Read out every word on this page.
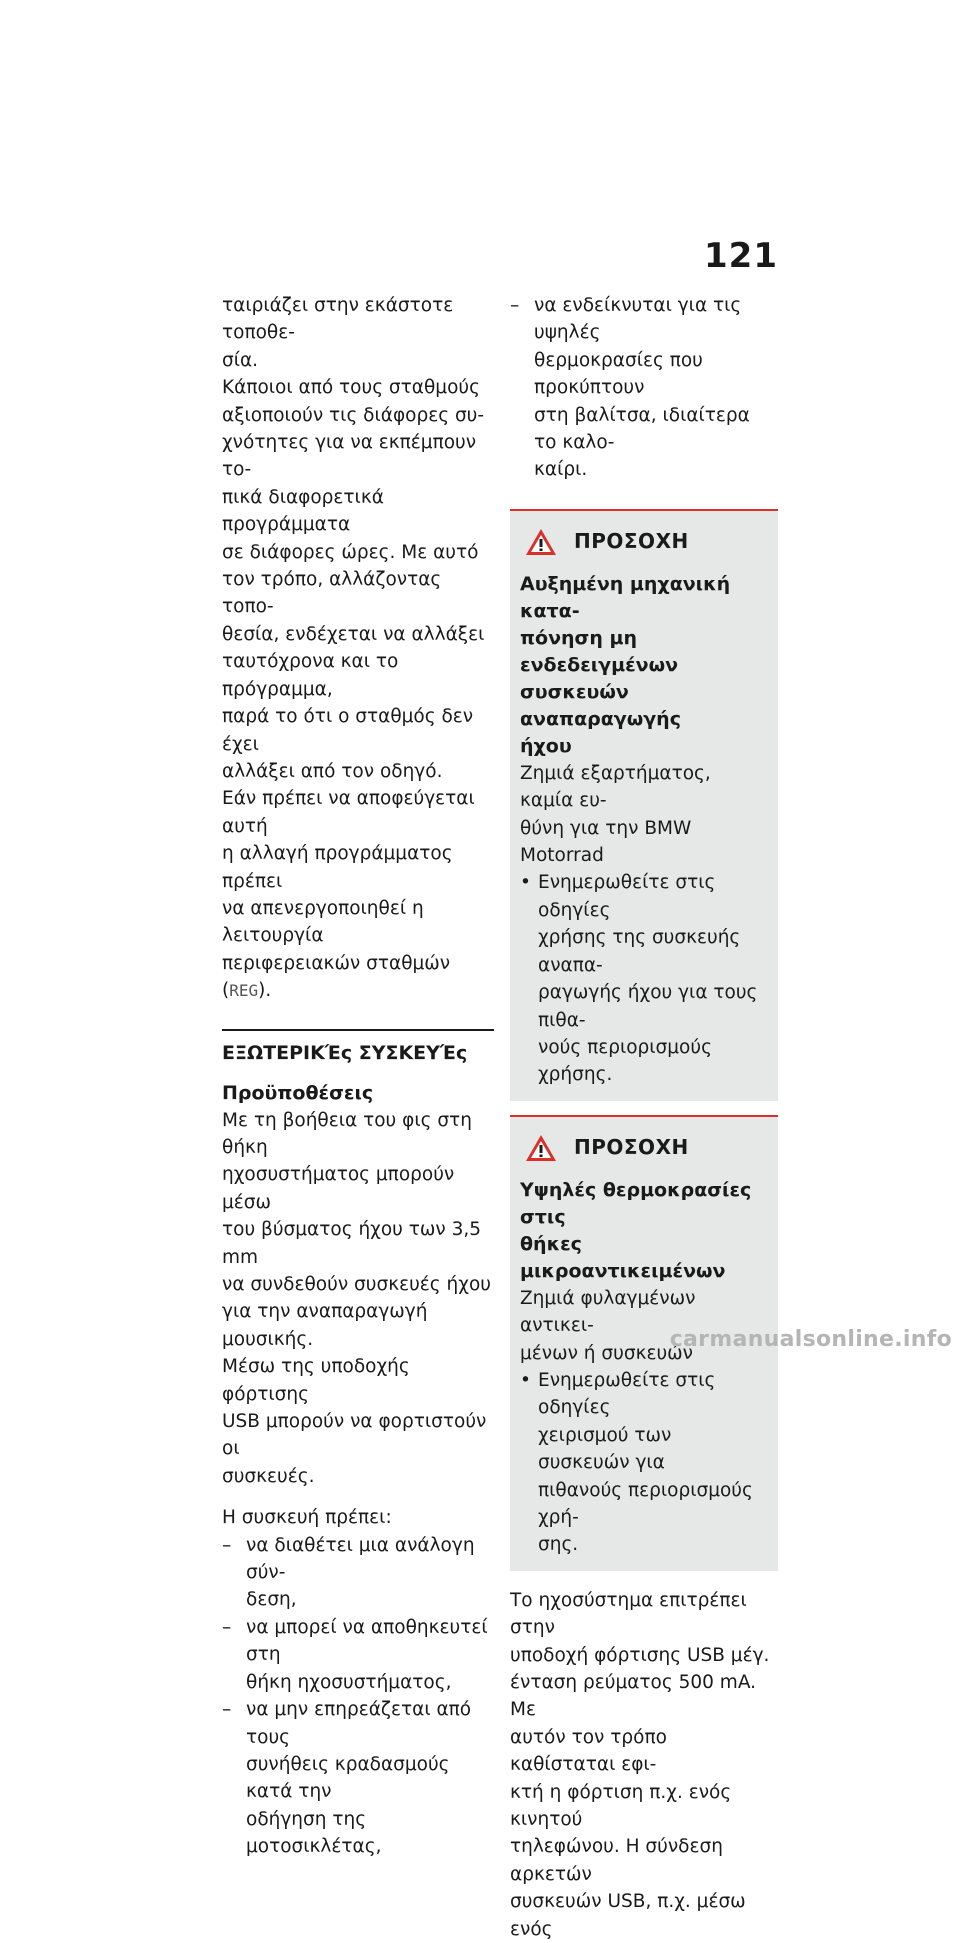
121

ταιριάζει στην εκάστοτε τοποθε-

σία.

Κάποιοι από τους σταθμούς

αξιοποιούν τις διάφορες συ-

χνότητες για να εκπέμπουν το-

πικά διαφορετικά προγράμματα

σε διάφορες ώρες. Με αυτό

τον τρόπο, αλλάζοντας τοπο-

θεσία, ενδέχεται να αλλάξει

ταυτόχρονα και το πρόγραμμα,

παρά το ότι ο σταθμός δεν έχει

αλλάξει από τον οδηγό.

Εάν πρέπει να αποφεύγεται αυτή

η αλλαγή προγράμματος πρέπει

να απενεργοποιηθεί η λειτουργία

περιφερειακών σταθμών (REG).

ΕΞΩΤΕΡΙΚΈς ΣΥΣΚΕΥΈς
Προϋποθέσεις

Με τη βοήθεια του φις στη θήκη

ηχοσυστήματος μπορούν μέσω

του βύσματος ήχου των 3,5 mm

να συνδεθούν συσκευές ήχου

για την αναπαραγωγή μουσικής.

Μέσω της υποδοχής φόρτισης

USB μπορούν να φορτιστούν οι

συσκευές.

Η συσκευή πρέπει:

– να διαθέτει μια ανάλογη σύν-
δεση,
– να μπορεί να αποθηκευτεί στη
θήκη ηχοσυστήματος,
– να μην επηρεάζεται από τους
συνήθεις κραδασμούς κατά την
οδήγηση της μοτοσικλέτας,
– να ενδείκνυται για τις υψηλές
θερμοκρασίες που προκύπτουν
στη βαλίτσα, ιδιαίτερα το καλο-
καίρι.
ΠΡΟΣΟΧΗ

Αυξημένη μηχανική κατα-

πόνηση μη ενδεδειγμένων

συσκευών αναπαραγωγής

ήχου

Ζημιά εξαρτήματος, καμία ευ-

θύνη για την BMW Motorrad

• Ενημερωθείτε στις οδηγίες
χρήσης της συσκευής αναπα-
ραγωγής ήχου για τους πιθα-
νούς περιορισμούς χρήσης.
ΠΡΟΣΟΧΗ

Υψηλές θερμοκρασίες στις

θήκες μικροαντικειμένων

Ζημιά φυλαγμένων αντικει-

μένων ή συσκευών

• Ενημερωθείτε στις οδηγίες
χειρισμού των συσκευών για
πιθανούς περιορισμούς χρή-
σης.

Το ηχοσύστημα επιτρέπει στην

υποδοχή φόρτισης USB μέγ.

ένταση ρεύματος 500 mA. Με

αυτόν τον τρόπο καθίσταται εφι-

κτή η φόρτιση π.χ. ενός κινητού

τηλεφώνου. Η σύνδεση αρκετών

συσκευών USB, π.χ. μέσω ενός

carmanualsonline.info
